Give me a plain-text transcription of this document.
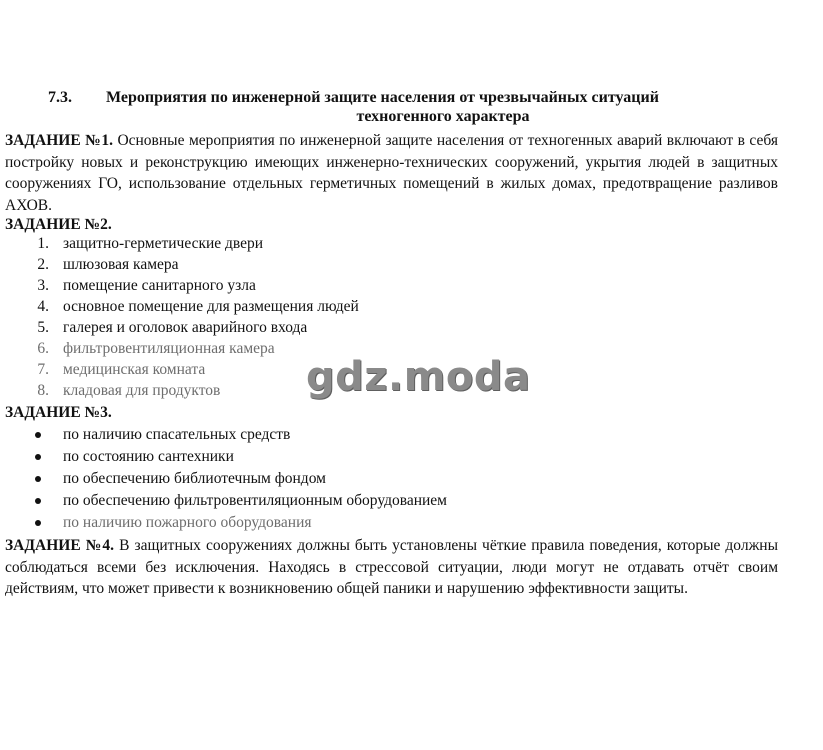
7.3. Мероприятия по инженерной защите населения от чрезвычайных ситуаций
техногенного характера
ЗАДАНИЕ №1. Основные мероприятия по инженерной защите населения от техногенных аварий включают в себя постройку новых и реконструкцию имеющих инженерно-технических сооружений, укрытия людей в защитных сооружениях ГО, использование отдельных герметичных помещений в жилых домах, предотвращение разливов АХОВ.
ЗАДАНИЕ №2.
1. защитно-герметические двери
2. шлюзовая камера
3. помещение санитарного узла
4. основное помещение для размещения людей
5. галерея и оголовок аварийного входа
6. фильтровентиляционная камера
7. медицинская комната
8. кладовая для продуктов
ЗАДАНИЕ №3.
по наличию спасательных средств
по состоянию сантехники
по обеспечению библиотечным фондом
по обеспечению фильтровентиляционным оборудованием
по наличию пожарного оборудования
ЗАДАНИЕ №4. В защитных сооружениях должны быть установлены чёткие правила поведения, которые должны соблюдаться всеми без исключения. Находясь в стрессовой ситуации, люди могут не отдавать отчёт своим действиям, что может привести к возникновению общей паники и нарушению эффективности защиты.
gdz.moda
